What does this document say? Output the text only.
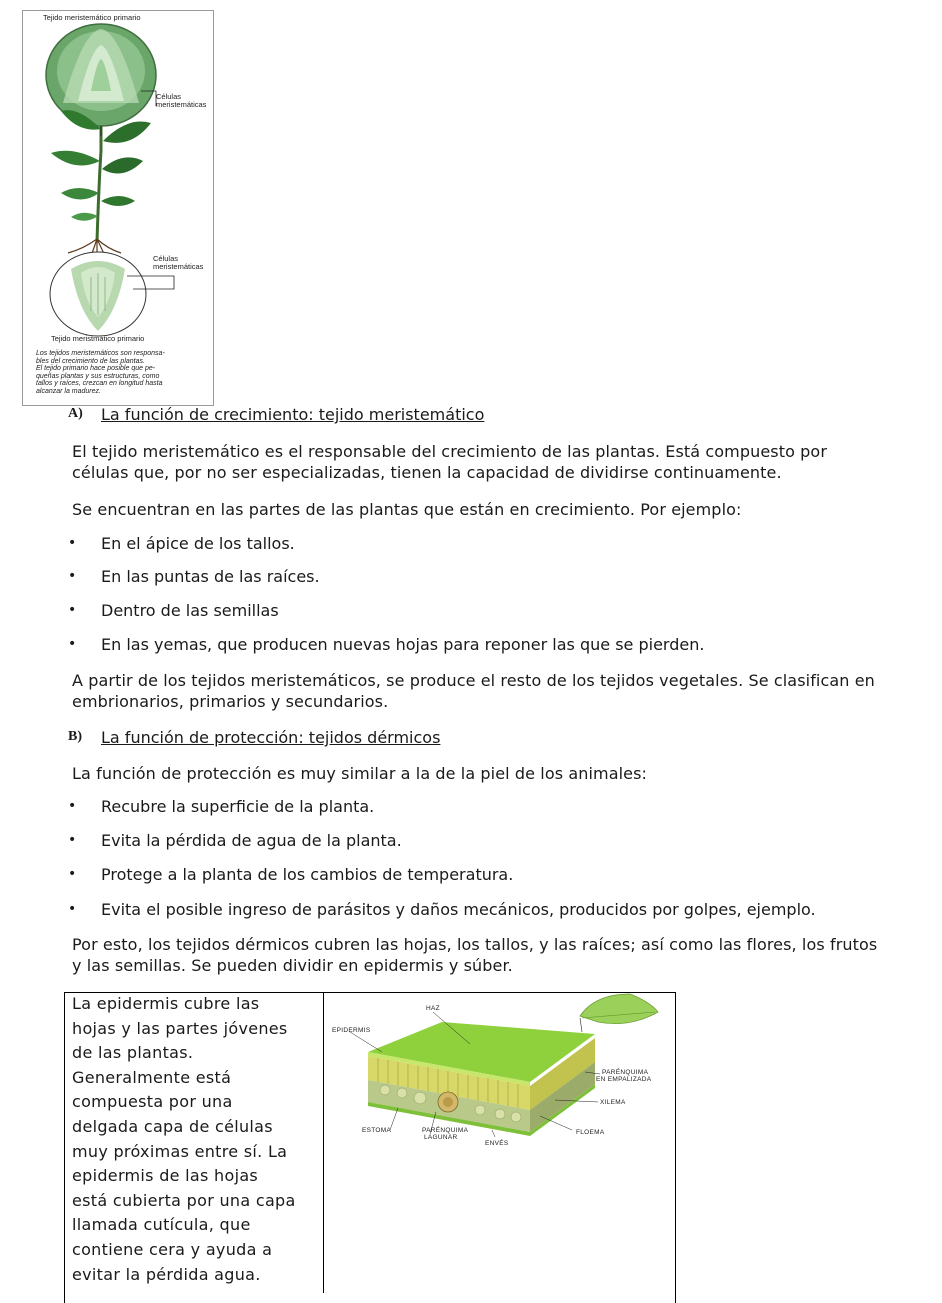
Tejido meristemático primario
Células
meristemáticas
Células
meristemáticas
Tejido meristmático primario
Los tejidos meristemáticos son responsa-
bles del crecimiento de las plantas.
El tejido primario hace posible que pe-
queñas plantas y sus estructuras, como
tallos y raíces, crezcan en longitud hasta
alcanzar la madurez.
A) La función de crecimiento: tejido meristemático
El tejido meristemático es el responsable del crecimiento de las plantas. Está compuesto por
células que, por no ser especializadas, tienen la capacidad de dividirse continuamente.
Se encuentran en las partes de las plantas que están en crecimiento. Por ejemplo:
• En el ápice de los tallos.
• En las puntas de las raíces.
• Dentro de las semillas
• En las yemas, que producen nuevas hojas para reponer las que se pierden.
A partir de los tejidos meristemáticos, se produce el resto de los tejidos vegetales. Se clasifican en
embrionarios, primarios y secundarios.
B) La función de protección: tejidos dérmicos
La función de protección es muy similar a la de la piel de los animales:
• Recubre la superficie de la planta.
• Evita la pérdida de agua de la planta.
• Protege a la planta de los cambios de temperatura.
• Evita el posible ingreso de parásitos y daños mecánicos, producidos por golpes, ejemplo.
Por esto, los tejidos dérmicos cubren las hojas, los tallos, y las raíces; así como las flores, los frutos
y las semillas. Se pueden dividir en epidermis y súber.
La epidermis cubre las
hojas y las partes jóvenes
de las plantas.
Generalmente está
compuesta por una
delgada capa de células
muy próximas entre sí. La
epidermis de las hojas
está cubierta por una capa
llamada cutícula, que
contiene cera y ayuda a
evitar la pérdida agua.
HAZ
EPIDERMIS
PARÉNQUIMA
EN EMPALIZADA
XILEMA
ESTOMA	PARÉNQUIMA
LAGUNAR
ENVÉS
FLOEMA
